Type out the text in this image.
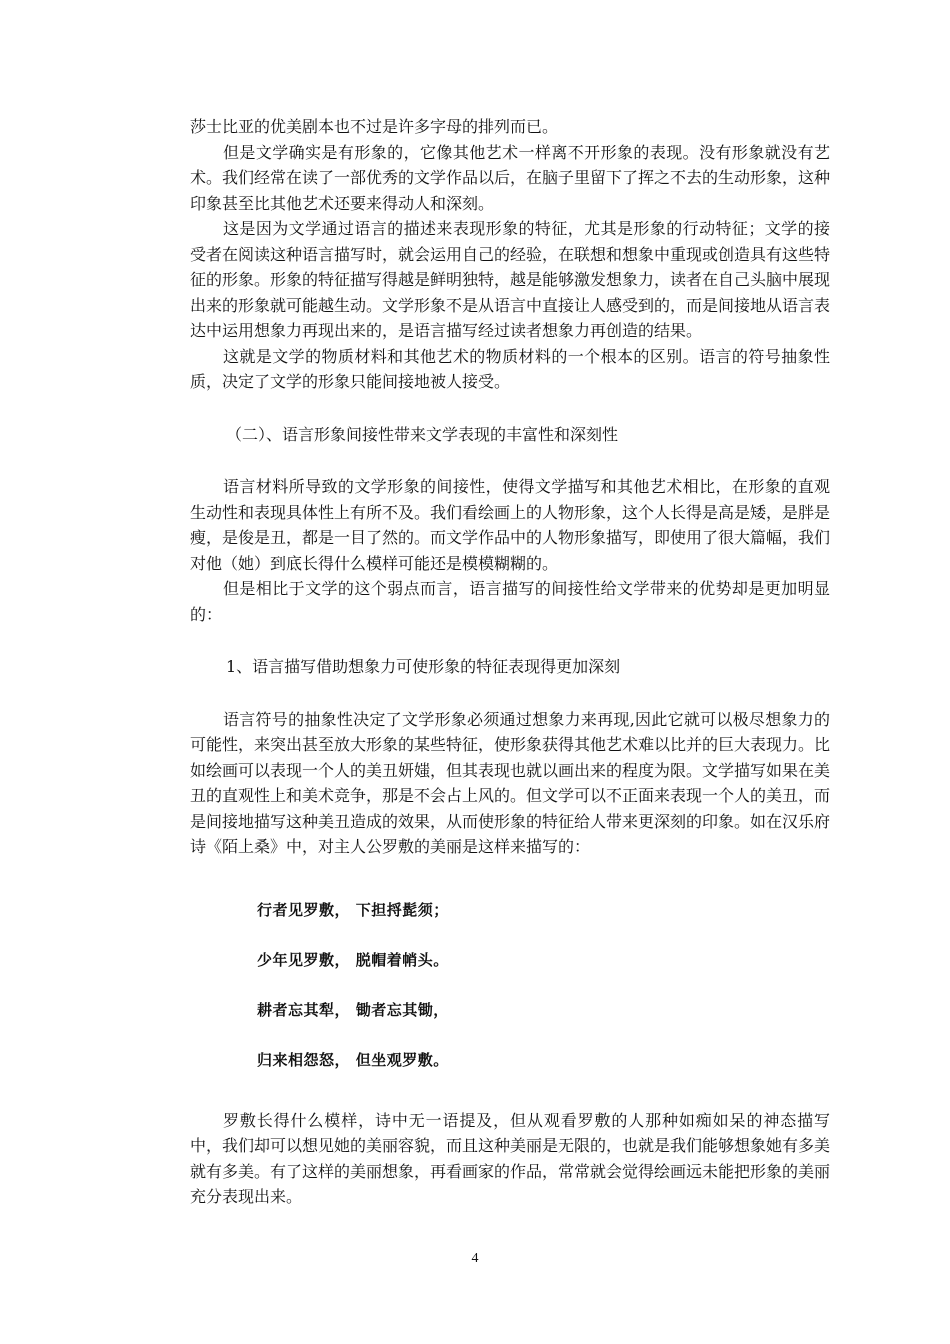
莎士比亚的优美剧本也不过是许多字母的排列而已。

但是文学确实是有形象的，它像其他艺术一样离不开形象的表现。没有形象就没有艺术。我们经常在读了一部优秀的文学作品以后，在脑子里留下了挥之不去的生动形象，这种印象甚至比其他艺术还要来得动人和深刻。

这是因为文学通过语言的描述来表现形象的特征，尤其是形象的行动特征；文学的接受者在阅读这种语言描写时，就会运用自己的经验，在联想和想象中重现或创造具有这些特征的形象。形象的特征描写得越是鲜明独特，越是能够激发想象力，读者在自己头脑中展现出来的形象就可能越生动。文学形象不是从语言中直接让人感受到的，而是间接地从语言表达中运用想象力再现出来的，是语言描写经过读者想象力再创造的结果。

这就是文学的物质材料和其他艺术的物质材料的一个根本的区别。语言的符号抽象性质，决定了文学的形象只能间接地被人接受。

（二）、语言形象间接性带来文学表现的丰富性和深刻性

语言材料所导致的文学形象的间接性，使得文学描写和其他艺术相比，在形象的直观生动性和表现具体性上有所不及。我们看绘画上的人物形象，这个人长得是高是矮，是胖是瘦，是俊是丑，都是一目了然的。而文学作品中的人物形象描写，即使用了很大篇幅，我们对他（她）到底长得什么模样可能还是模模糊糊的。

但是相比于文学的这个弱点而言，语言描写的间接性给文学带来的优势却是更加明显的：

1、语言描写借助想象力可使形象的特征表现得更加深刻

语言符号的抽象性决定了文学形象必须通过想象力来再现,因此它就可以极尽想象力的可能性，来突出甚至放大形象的某些特征，使形象获得其他艺术难以比并的巨大表现力。比如绘画可以表现一个人的美丑妍媸，但其表现也就以画出来的程度为限。文学描写如果在美丑的直观性上和美术竞争，那是不会占上风的。但文学可以不正面来表现一个人的美丑，而是间接地描写这种美丑造成的效果，从而使形象的特征给人带来更深刻的印象。如在汉乐府诗《陌上桑》中，对主人公罗敷的美丽是这样来描写的：

行者见罗敷， 下担捋髭须；

少年见罗敷， 脱帽着帩头。

耕者忘其犁， 锄者忘其锄，

归来相怨怒， 但坐观罗敷。

罗敷长得什么模样，诗中无一语提及，但从观看罗敷的人那种如痴如呆的神态描写中，我们却可以想见她的美丽容貌，而且这种美丽是无限的，也就是我们能够想象她有多美就有多美。有了这样的美丽想象，再看画家的作品，常常就会觉得绘画远未能把形象的美丽充分表现出来。

4
